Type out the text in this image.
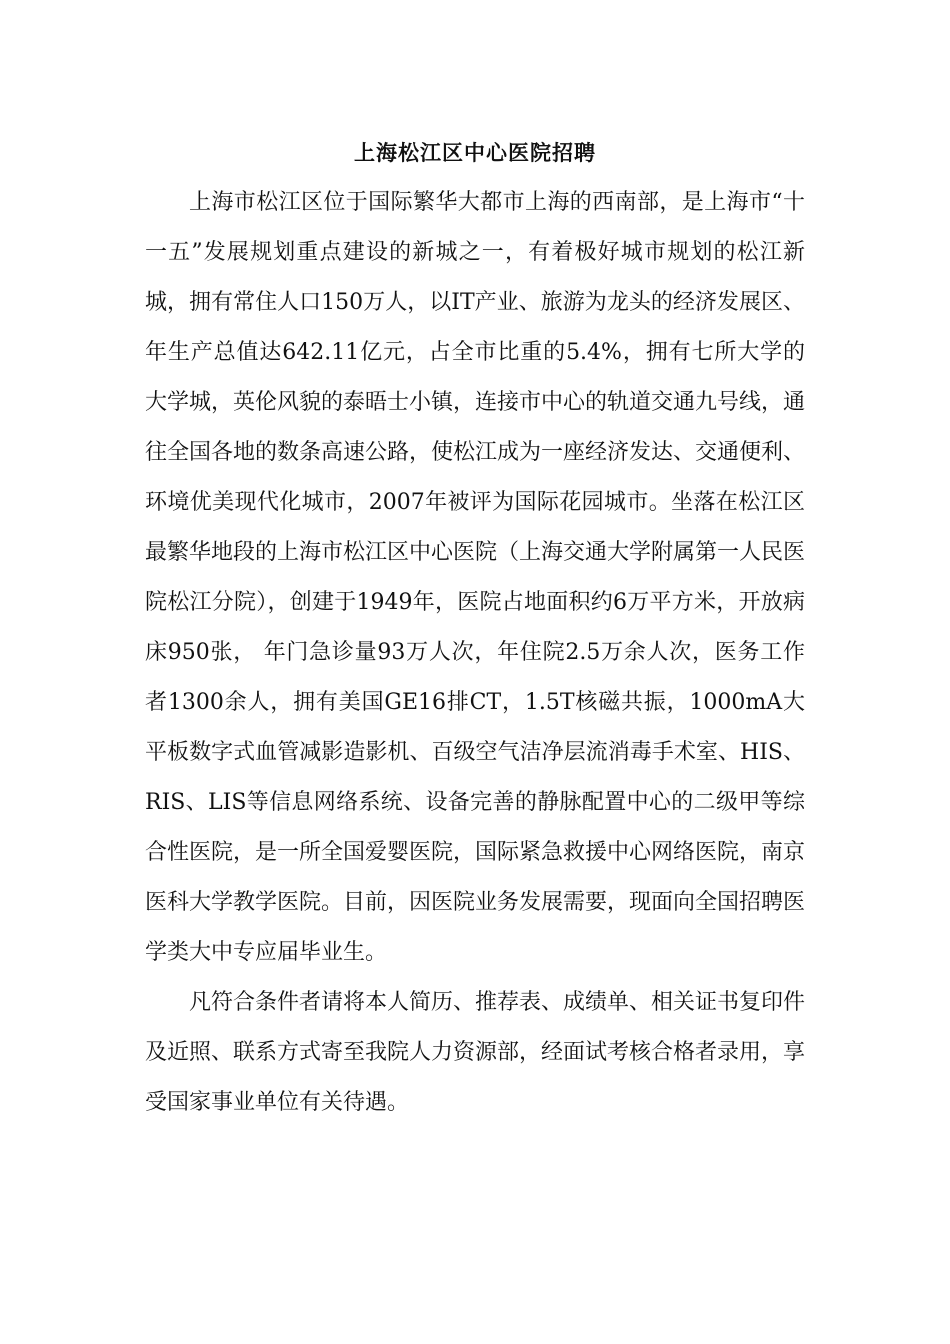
上海松江区中心医院招聘

上海市松江区位于国际繁华大都市上海的西南部，是上海市“十一五”发展规划重点建设的新城之一，有着极好城市规划的松江新城，拥有常住人口150万人，以IT产业、旅游为龙头的经济发展区、年生产总值达642.11亿元，占全市比重的5.4%，拥有七所大学的大学城，英伦风貌的泰晤士小镇，连接市中心的轨道交通九号线，通往全国各地的数条高速公路，使松江成为一座经济发达、交通便利、环境优美现代化城市，2007年被评为国际花园城市。坐落在松江区最繁华地段的上海市松江区中心医院（上海交通大学附属第一人民医院松江分院），创建于1949年，医院占地面积约6万平方米，开放病床950张， 年门急诊量93万人次，年住院2.5万余人次，医务工作者1300余人，拥有美国GE16排CT，1.5T核磁共振，1000mA大平板数字式血管减影造影机、百级空气洁净层流消毒手术室、HIS、RIS、LIS等信息网络系统、设备完善的静脉配置中心的二级甲等综合性医院，是一所全国爱婴医院，国际紧急救援中心网络医院，南京医科大学教学医院。目前，因医院业务发展需要，现面向全国招聘医学类大中专应届毕业生。

凡符合条件者请将本人简历、推荐表、成绩单、相关证书复印件及近照、联系方式寄至我院人力资源部，经面试考核合格者录用，享受国家事业单位有关待遇。
